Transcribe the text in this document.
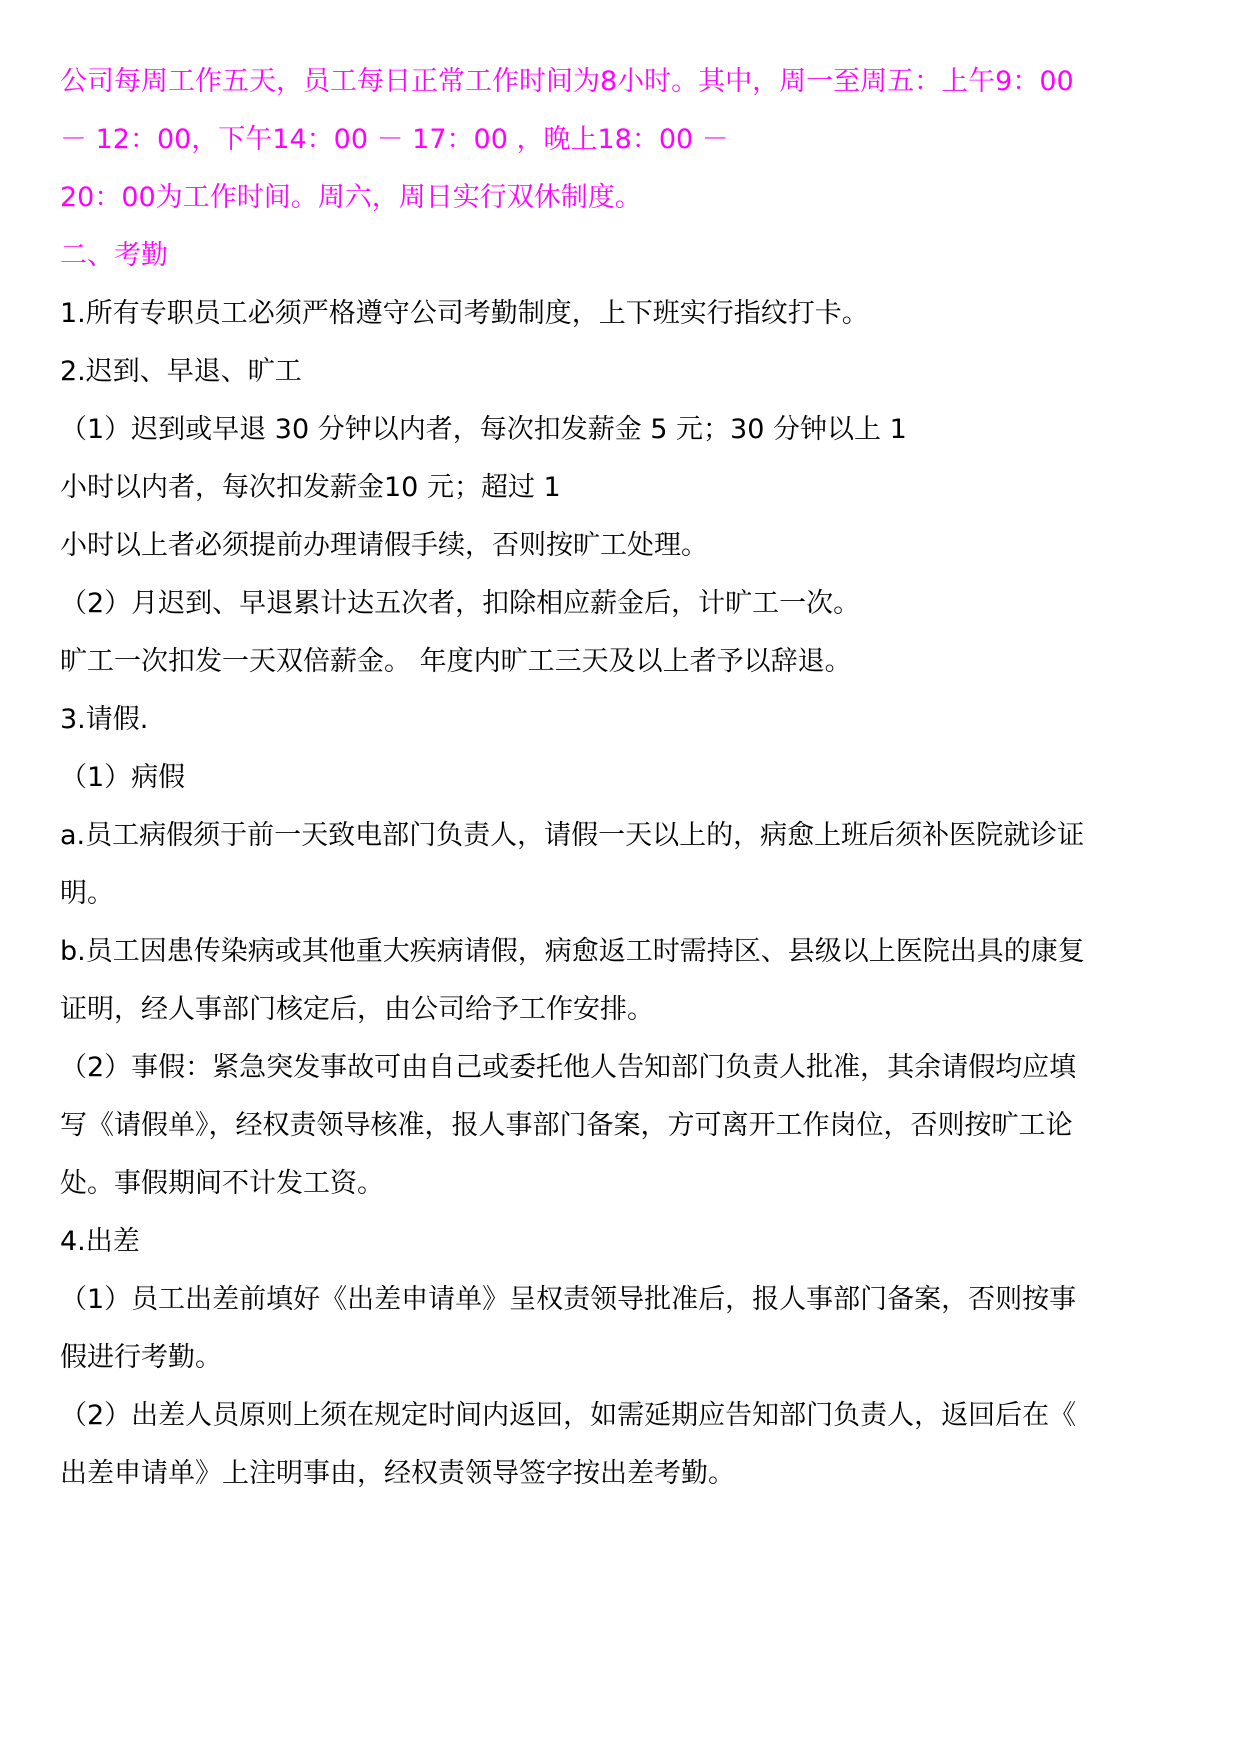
公司每周工作五天，员工每日正常工作时间为8小时。其中，周一至周五：上午9：00

－ 12：00，下午14：00 － 17：00 ，晚上18：00 －

20：00为工作时间。周六，周日实行双休制度。

二、考勤

1.所有专职员工必须严格遵守公司考勤制度，上下班实行指纹打卡。

2.迟到、早退、旷工

（1）迟到或早退 30 分钟以内者，每次扣发薪金 5 元；30 分钟以上 1

小时以内者，每次扣发薪金10 元；超过 1

小时以上者必须提前办理请假手续，否则按旷工处理。

（2）月迟到、早退累计达五次者，扣除相应薪金后，计旷工一次。

旷工一次扣发一天双倍薪金。 年度内旷工三天及以上者予以辞退。

3.请假.

（1）病假

a.员工病假须于前一天致电部门负责人，请假一天以上的，病愈上班后须补医院就诊证

明。

b.员工因患传染病或其他重大疾病请假，病愈返工时需持区、县级以上医院出具的康复

证明，经人事部门核定后，由公司给予工作安排。

（2）事假：紧急突发事故可由自己或委托他人告知部门负责人批准，其余请假均应填

写《请假单》，经权责领导核准，报人事部门备案，方可离开工作岗位，否则按旷工论

处。事假期间不计发工资。

4.出差

（1）员工出差前填好《出差申请单》呈权责领导批准后，报人事部门备案，否则按事

假进行考勤。

（2）出差人员原则上须在规定时间内返回，如需延期应告知部门负责人，返回后在《

出差申请单》上注明事由，经权责领导签字按出差考勤。
